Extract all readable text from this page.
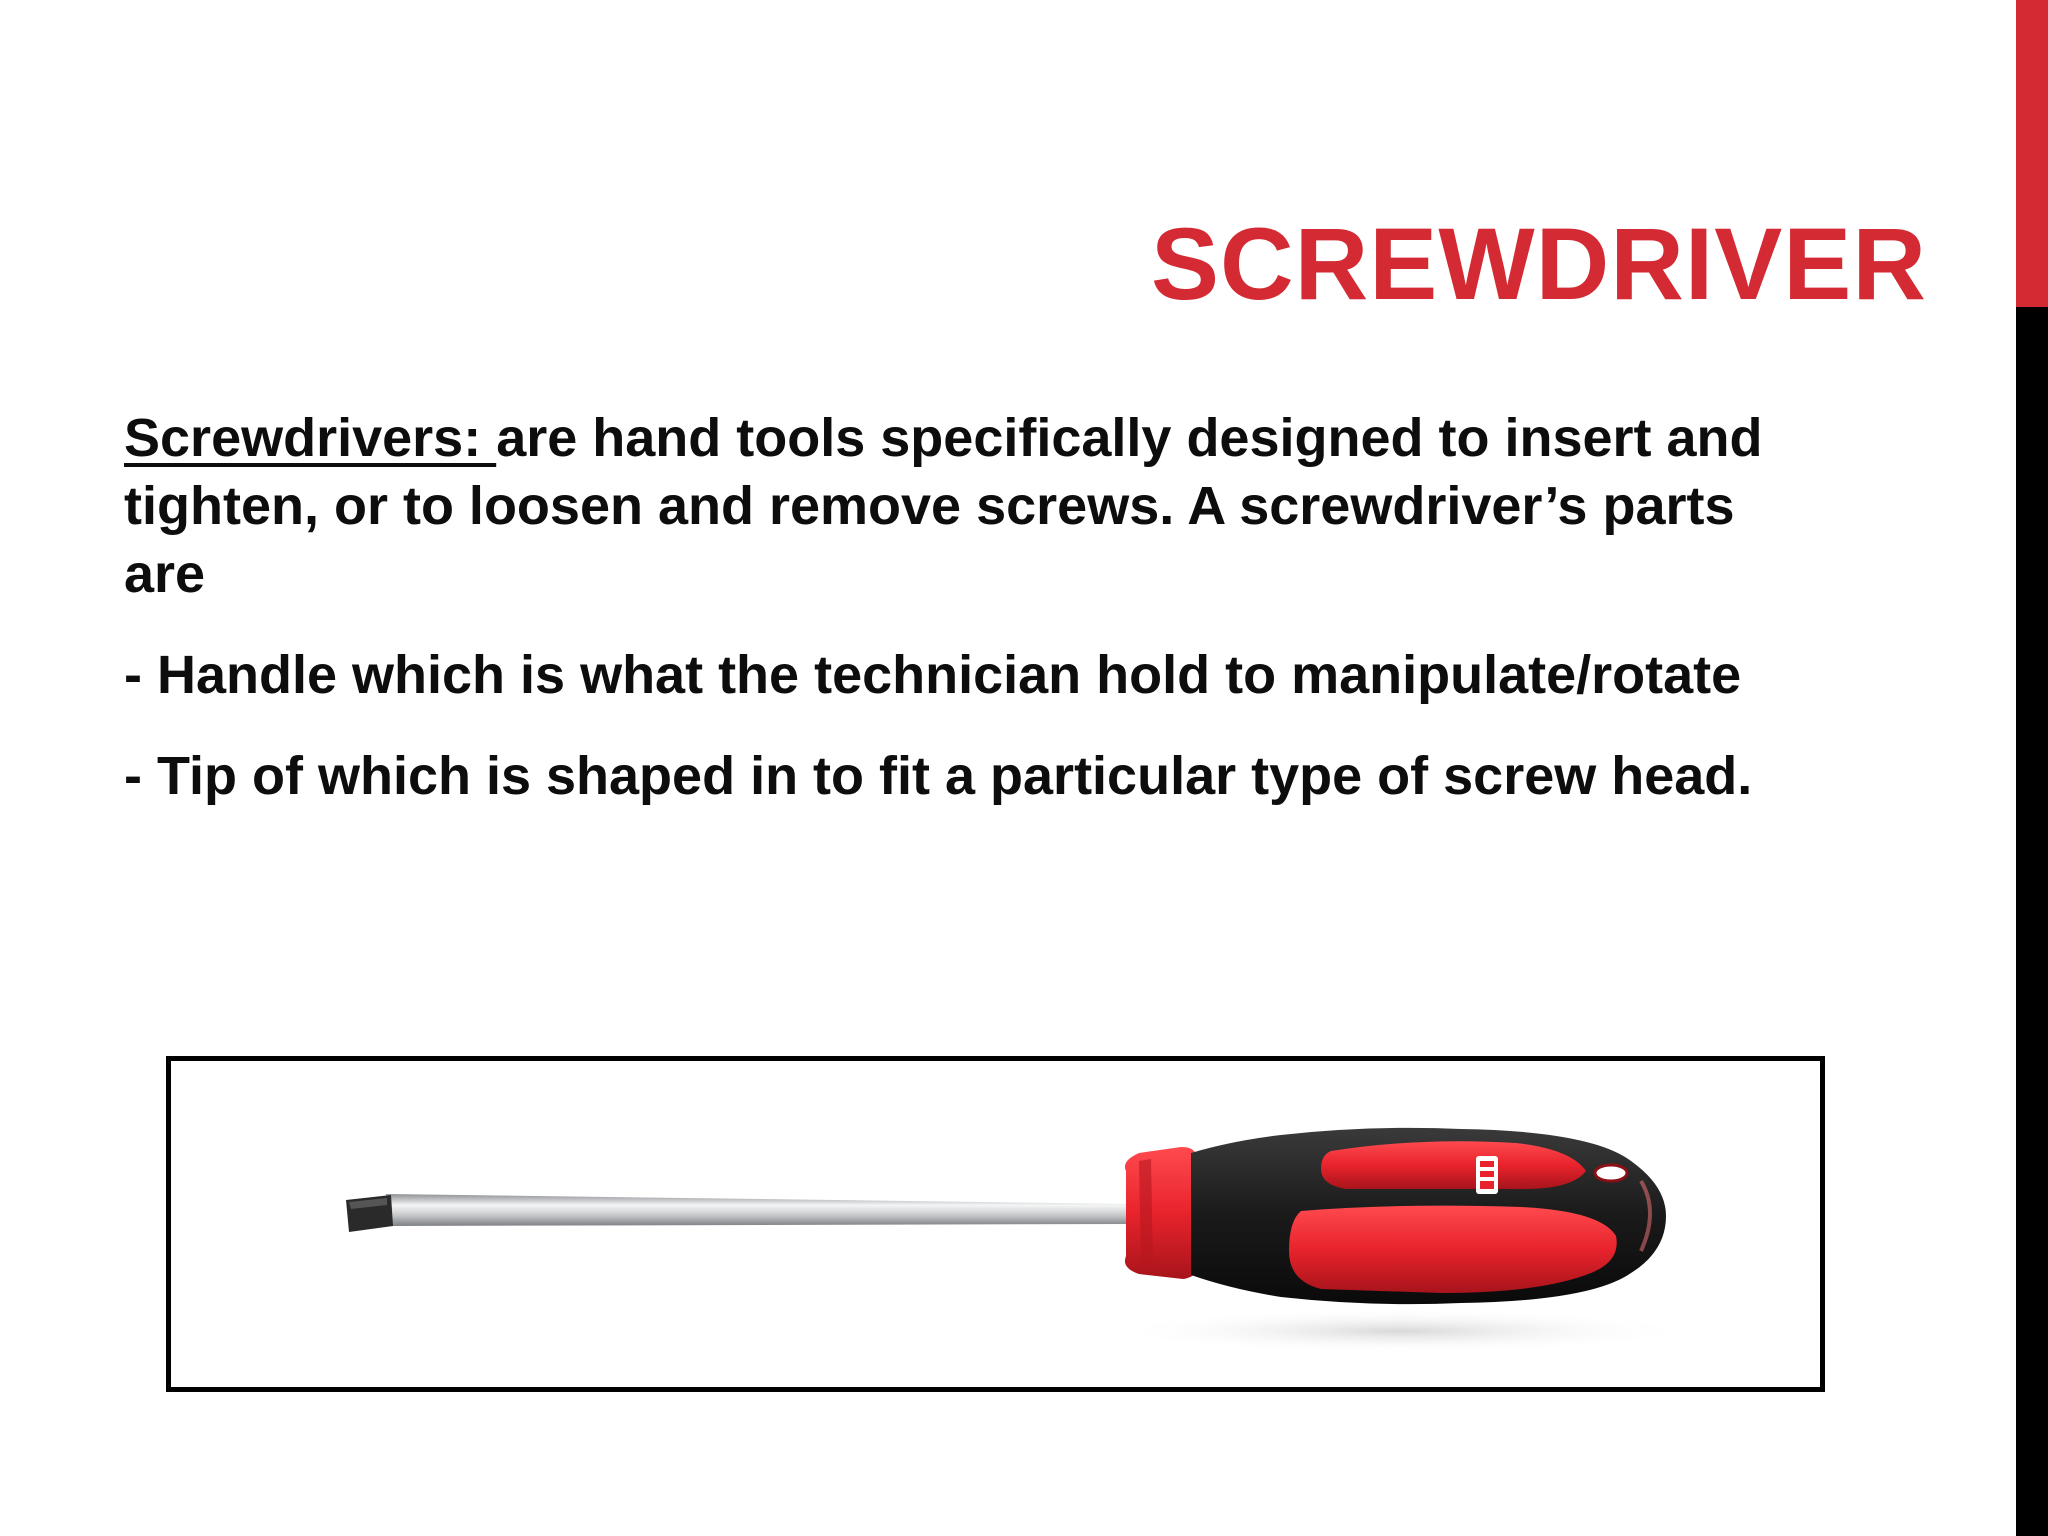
SCREWDRIVER

Screwdrivers: are hand tools specifically designed to insert and tighten, or to loosen and remove screws. A screwdriver’s parts are

- Handle which is what the technician hold to manipulate/rotate

- Tip of which is shaped in to fit a particular type of screw head.
